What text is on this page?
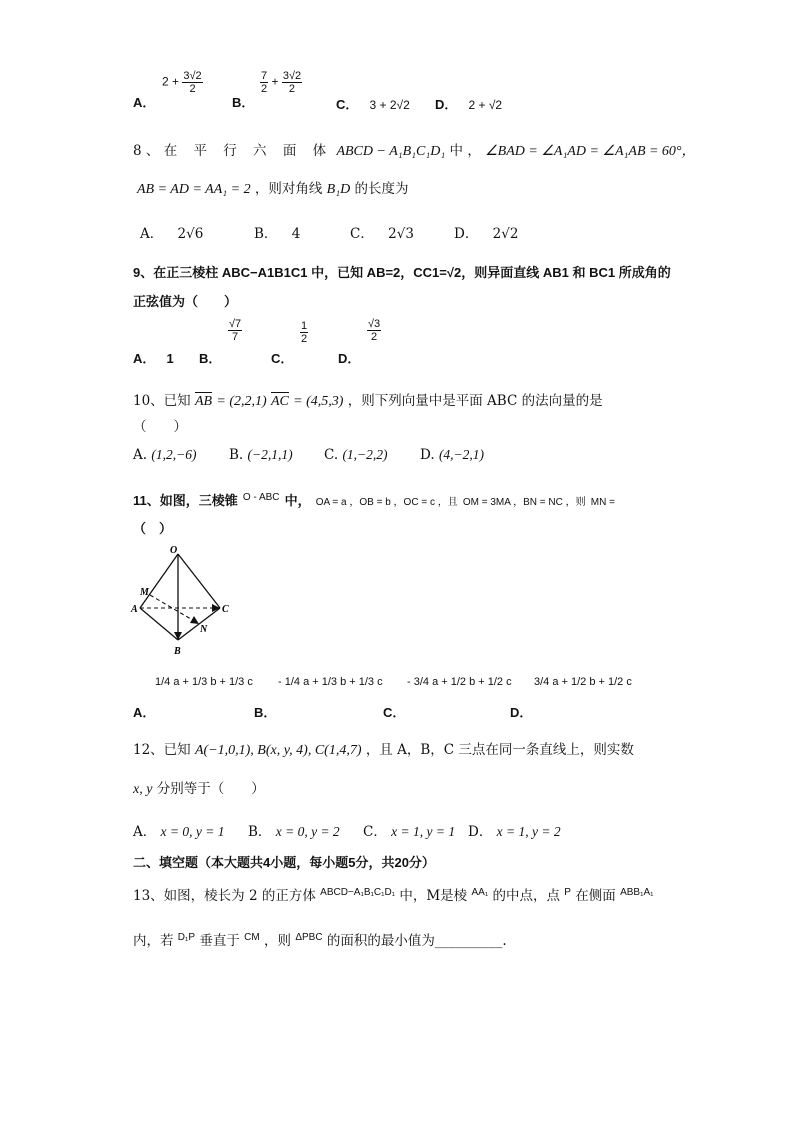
A．
$2 + \frac{3√2}{2}$
B．
$\frac{7}{2} + \frac{3√2}{2}$
C． 3 + 2√2 D． 2 + √2
8 、 在 平 行 六 面 体 ABCD − A₁B₁C₁D₁ 中 ， ∠BAD = ∠A₁AD = ∠A₁AB = 60°，
AB = AD = AA₁ = 2 ，则对角线 B₁D 的长度为
A． 2√6	B． 4	C． 2√3	D． 2√2
9、在正三棱柱 ABC−A1B1C1 中，已知 AB=2，CC1=√2，则异面直线 AB1 和 BC1 所成角的
正弦值为（　　）
A． 1 B．
$\frac{√7}{7}$
C．
$\frac{1}{2}$
D．
$\frac{√3}{2}$
10、已知 AB = (2,2,1) AC = (4,5,3) ，则下列向量中是平面 ABC 的法向量的是
（　　）
A. (1,2,−6) B. (−2,1,1) C. (1,−2,2) D. (4,−2,1)
11、如图，三棱锥 $^{O - ABC}$ 中， OA = a ，OB = b ，OC = c ，且 OM = 3MA ，BN = NC ，则 MN =
（　）
O
M
A
B
C
N
A．
1/4 a + 1/3 b + 1/3 c
B．
- 1/4 a + 1/3 b + 1/3 c
C．
- 3/4 a + 1/2 b + 1/2 c
D．
3/4 a + 1/2 b + 1/2 c
12、已知 A(−1,0,1), B(x, y, 4), C(1,4,7) ，且 A，B，C 三点在同一条直线上，则实数
x, y 分别等于（　　）
A． x = 0, y = 1 B． x = 0, y = 2 C． x = 1, y = 1 D． x = 1, y = 2
二、填空题（本大题共4小题，每小题5分，共20分）
13、如图，棱长为 2 的正方体 $^{ABCD-A_1B_1C_1D_1}$ 中，M是棱 $^{AA_1}$ 的中点，点 $^P$ 在侧面 $^{ABB_1A_1}$
内，若 $^{D_1P}$ 垂直于 $^{CM}$ ，则 $^{\Delta PBC}$ 的面积的最小值为__________.
